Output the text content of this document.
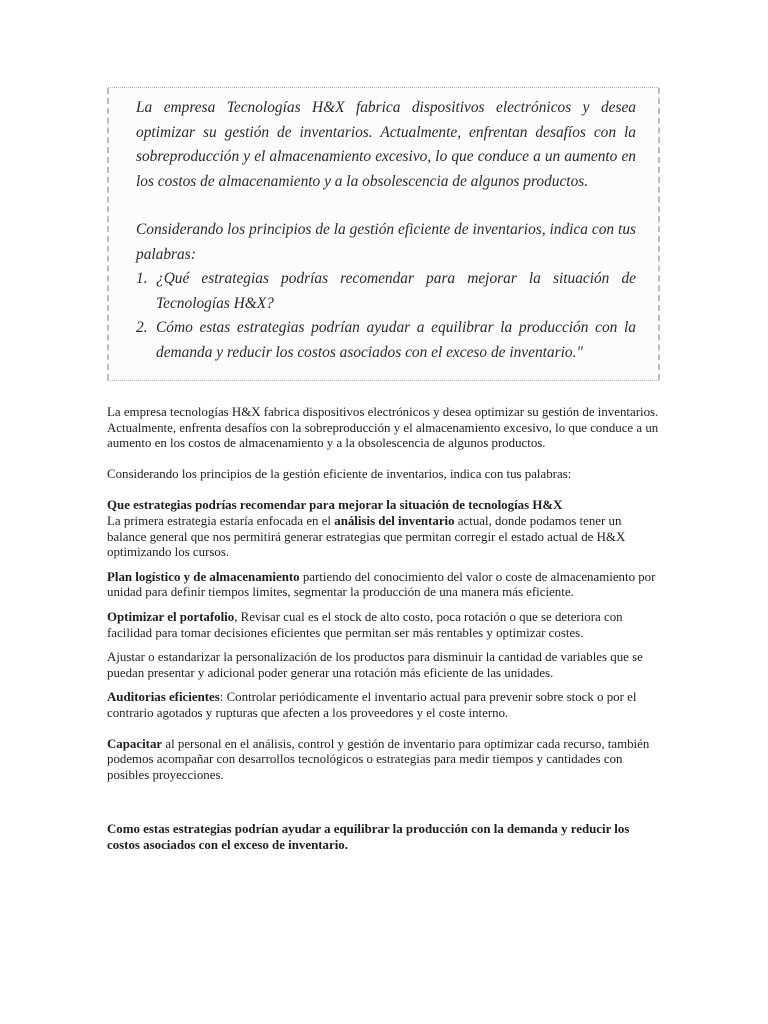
La empresa Tecnologías H&X fabrica dispositivos electrónicos y desea optimizar su gestión de inventarios. Actualmente, enfrentan desafíos con la sobreproducción y el almacenamiento excesivo, lo que conduce a un aumento en los costos de almacenamiento y a la obsolescencia de algunos productos.

Considerando los principios de la gestión eficiente de inventarios, indica con tus palabras:

1. ¿Qué estrategias podrías recomendar para mejorar la situación de Tecnologías H&X?
2. Cómo estas estrategias podrían ayudar a equilibrar la producción con la demanda y reducir los costos asociados con el exceso de inventario."

La empresa tecnologías H&X fabrica dispositivos electrónicos y desea optimizar su gestión de inventarios. Actualmente, enfrenta desafíos con la sobreproducción y el almacenamiento excesivo, lo que conduce a un aumento en los costos de almacenamiento y a la obsolescencia de algunos productos.

Considerando los principios de la gestión eficiente de inventarios, indica con tus palabras:

Que estrategias podrías recomendar para mejorar la situación de tecnologías H&X
La primera estrategia estaría enfocada en el análisis del inventario actual, donde podamos tener un balance general que nos permitirá generar estrategias que permitan corregir el estado actual de H&X optimizando los cursos.

Plan logístico y de almacenamiento partiendo del conocimiento del valor o coste de almacenamiento por unidad para definir tiempos limites, segmentar la producción de una manera más eficiente.

Optimizar el portafolio, Revisar cual es el stock de alto costo, poca rotación o que se deteriora con facilidad para tomar decisiones eficientes que permitan ser más rentables y optimizar costes.

Ajustar o estandarizar la personalización de los productos para disminuir la cantidad de variables que se puedan presentar y adicional poder generar una rotación más eficiente de las unidades.

Auditorias eficientes: Controlar periódicamente el inventario actual para prevenir sobre stock o por el contrario agotados y rupturas que afecten a los proveedores y el coste interno.

Capacitar al personal en el análisis, control y gestión de inventario para optimizar cada recurso, también podemos acompañar con desarrollos tecnológicos o estrategias para medir tiempos y cantidades con posibles proyecciones.

Como estas estrategias podrían ayudar a equilibrar la producción con la demanda y reducir los costos asociados con el exceso de inventario.
